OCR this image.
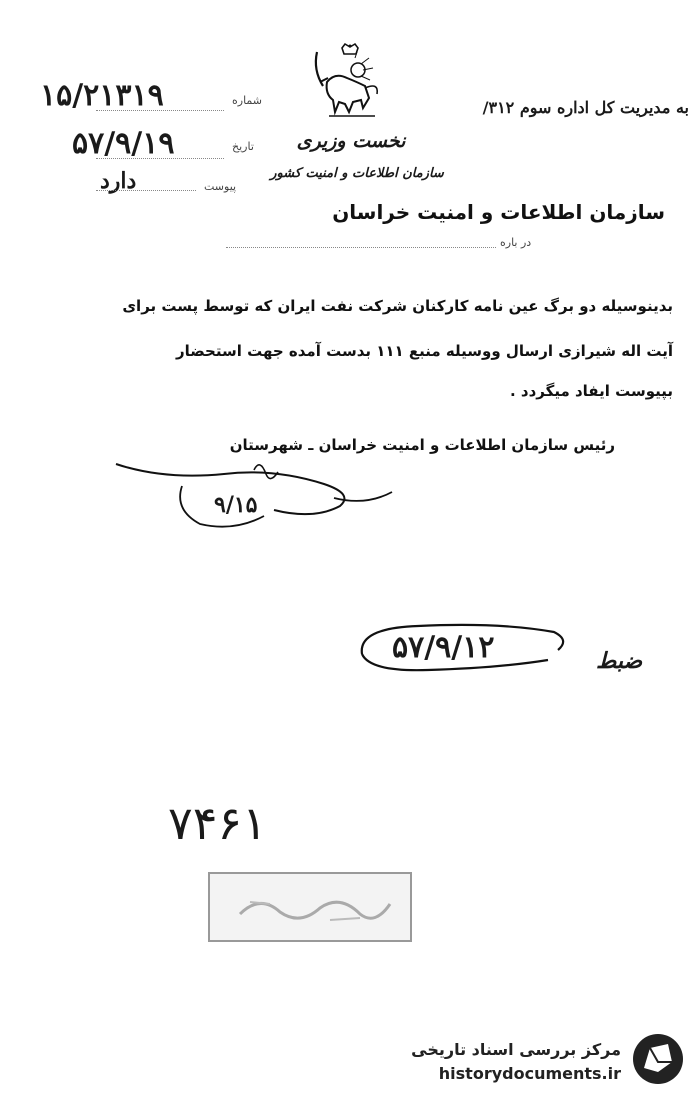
نخست وزیری
سازمان اطلاعات و امنیت کشور
به مدیریت کل اداره سوم ۳۱۲/
شماره
۱۵/۲۱۳۱۹
تاریخ
۵۷/۹/۱۹
پیوست
دارد
سازمان اطلاعات و امنیت خراسان
در باره
بدینوسیله دو برگ عین نامه کارکنان شرکت نفت ایران که توسط پست برای
آیت اله شیرازی ارسال ووسیله منبع ۱۱۱ بدست آمده جهت استحضار
بپیوست ایفاد میگردد .
رئیس سازمان اطلاعات و امنیت خراسان ـ شهرستان
۹/۱۵
۵۷/۹/۱۲	ضبط
۷۴۶۱
مرکز بررسی اسناد تاریخی
historydocuments.ir
